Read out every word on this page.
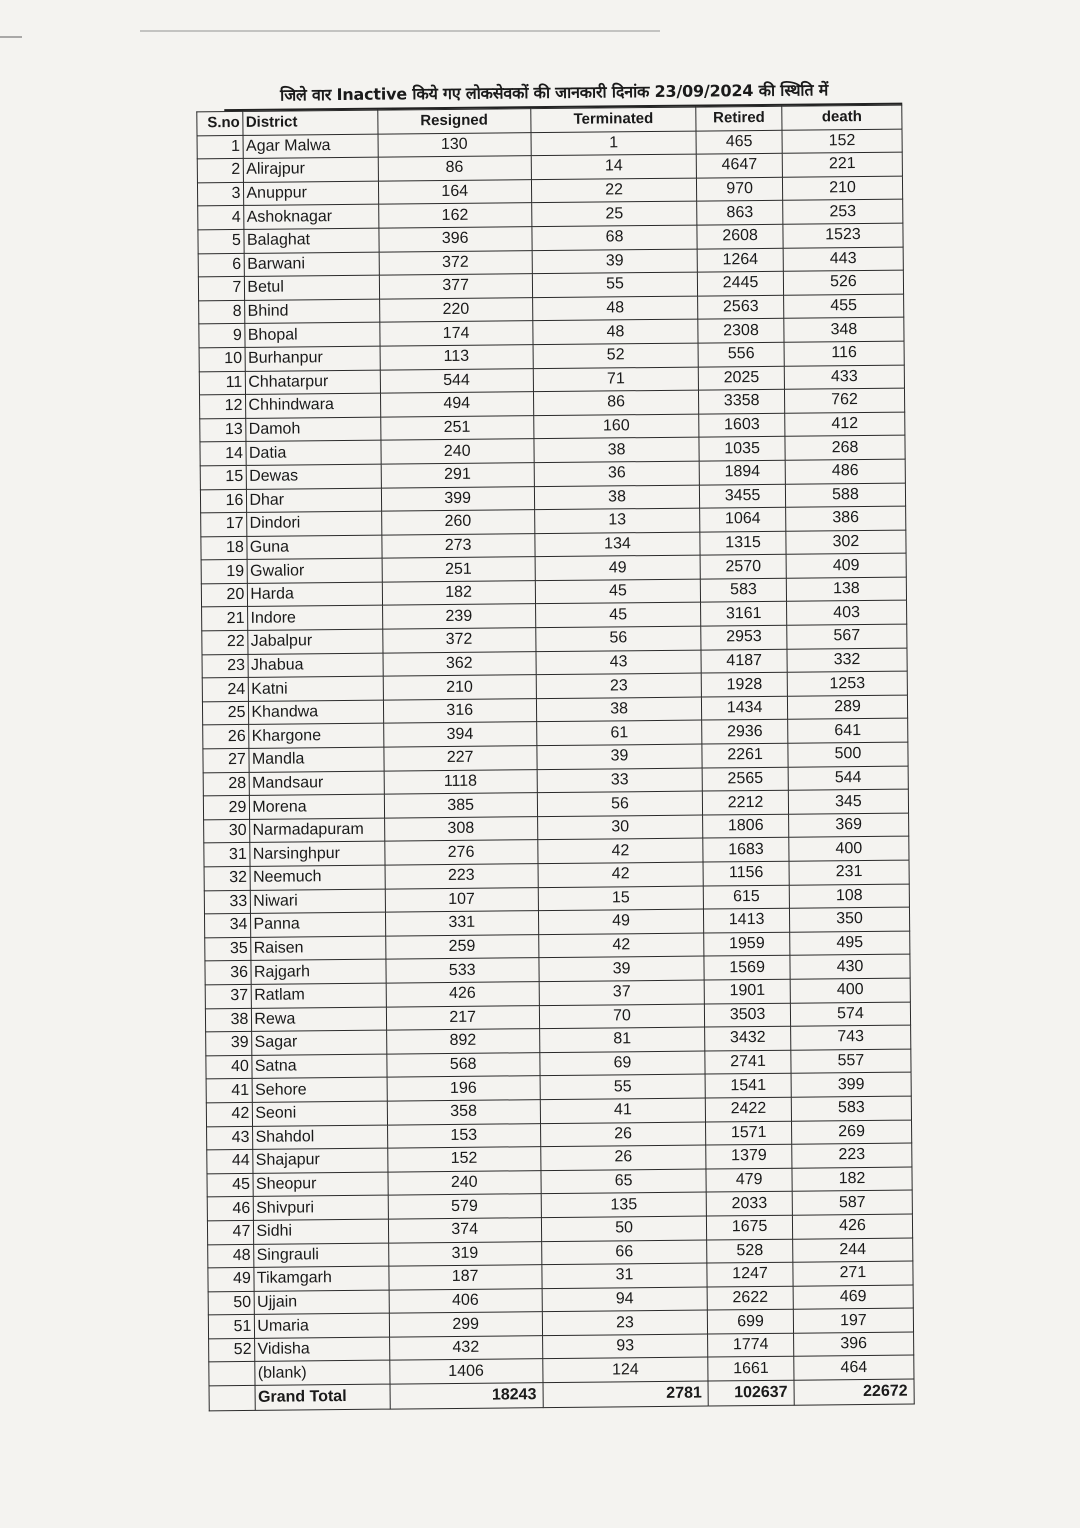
जिले वार Inactive किये गए लोकसेवकों की जानकारी दिनांक 23/09/2024 की स्थिति में
S.no	District	Resigned	Terminated	Retired	death
1	Agar Malwa	130	1	465	152
2	Alirajpur	86	14	4647	221
3	Anuppur	164	22	970	210
4	Ashoknagar	162	25	863	253
5	Balaghat	396	68	2608	1523
6	Barwani	372	39	1264	443
7	Betul	377	55	2445	526
8	Bhind	220	48	2563	455
9	Bhopal	174	48	2308	348
10	Burhanpur	113	52	556	116
11	Chhatarpur	544	71	2025	433
12	Chhindwara	494	86	3358	762
13	Damoh	251	160	1603	412
14	Datia	240	38	1035	268
15	Dewas	291	36	1894	486
16	Dhar	399	38	3455	588
17	Dindori	260	13	1064	386
18	Guna	273	134	1315	302
19	Gwalior	251	49	2570	409
20	Harda	182	45	583	138
21	Indore	239	45	3161	403
22	Jabalpur	372	56	2953	567
23	Jhabua	362	43	4187	332
24	Katni	210	23	1928	1253
25	Khandwa	316	38	1434	289
26	Khargone	394	61	2936	641
27	Mandla	227	39	2261	500
28	Mandsaur	1118	33	2565	544
29	Morena	385	56	2212	345
30	Narmadapuram	308	30	1806	369
31	Narsinghpur	276	42	1683	400
32	Neemuch	223	42	1156	231
33	Niwari	107	15	615	108
34	Panna	331	49	1413	350
35	Raisen	259	42	1959	495
36	Rajgarh	533	39	1569	430
37	Ratlam	426	37	1901	400
38	Rewa	217	70	3503	574
39	Sagar	892	81	3432	743
40	Satna	568	69	2741	557
41	Sehore	196	55	1541	399
42	Seoni	358	41	2422	583
43	Shahdol	153	26	1571	269
44	Shajapur	152	26	1379	223
45	Sheopur	240	65	479	182
46	Shivpuri	579	135	2033	587
47	Sidhi	374	50	1675	426
48	Singrauli	319	66	528	244
49	Tikamgarh	187	31	1247	271
50	Ujjain	406	94	2622	469
51	Umaria	299	23	699	197
52	Vidisha	432	93	1774	396
	(blank)	1406	124	1661	464
	Grand Total	18243	2781	102637	22672
